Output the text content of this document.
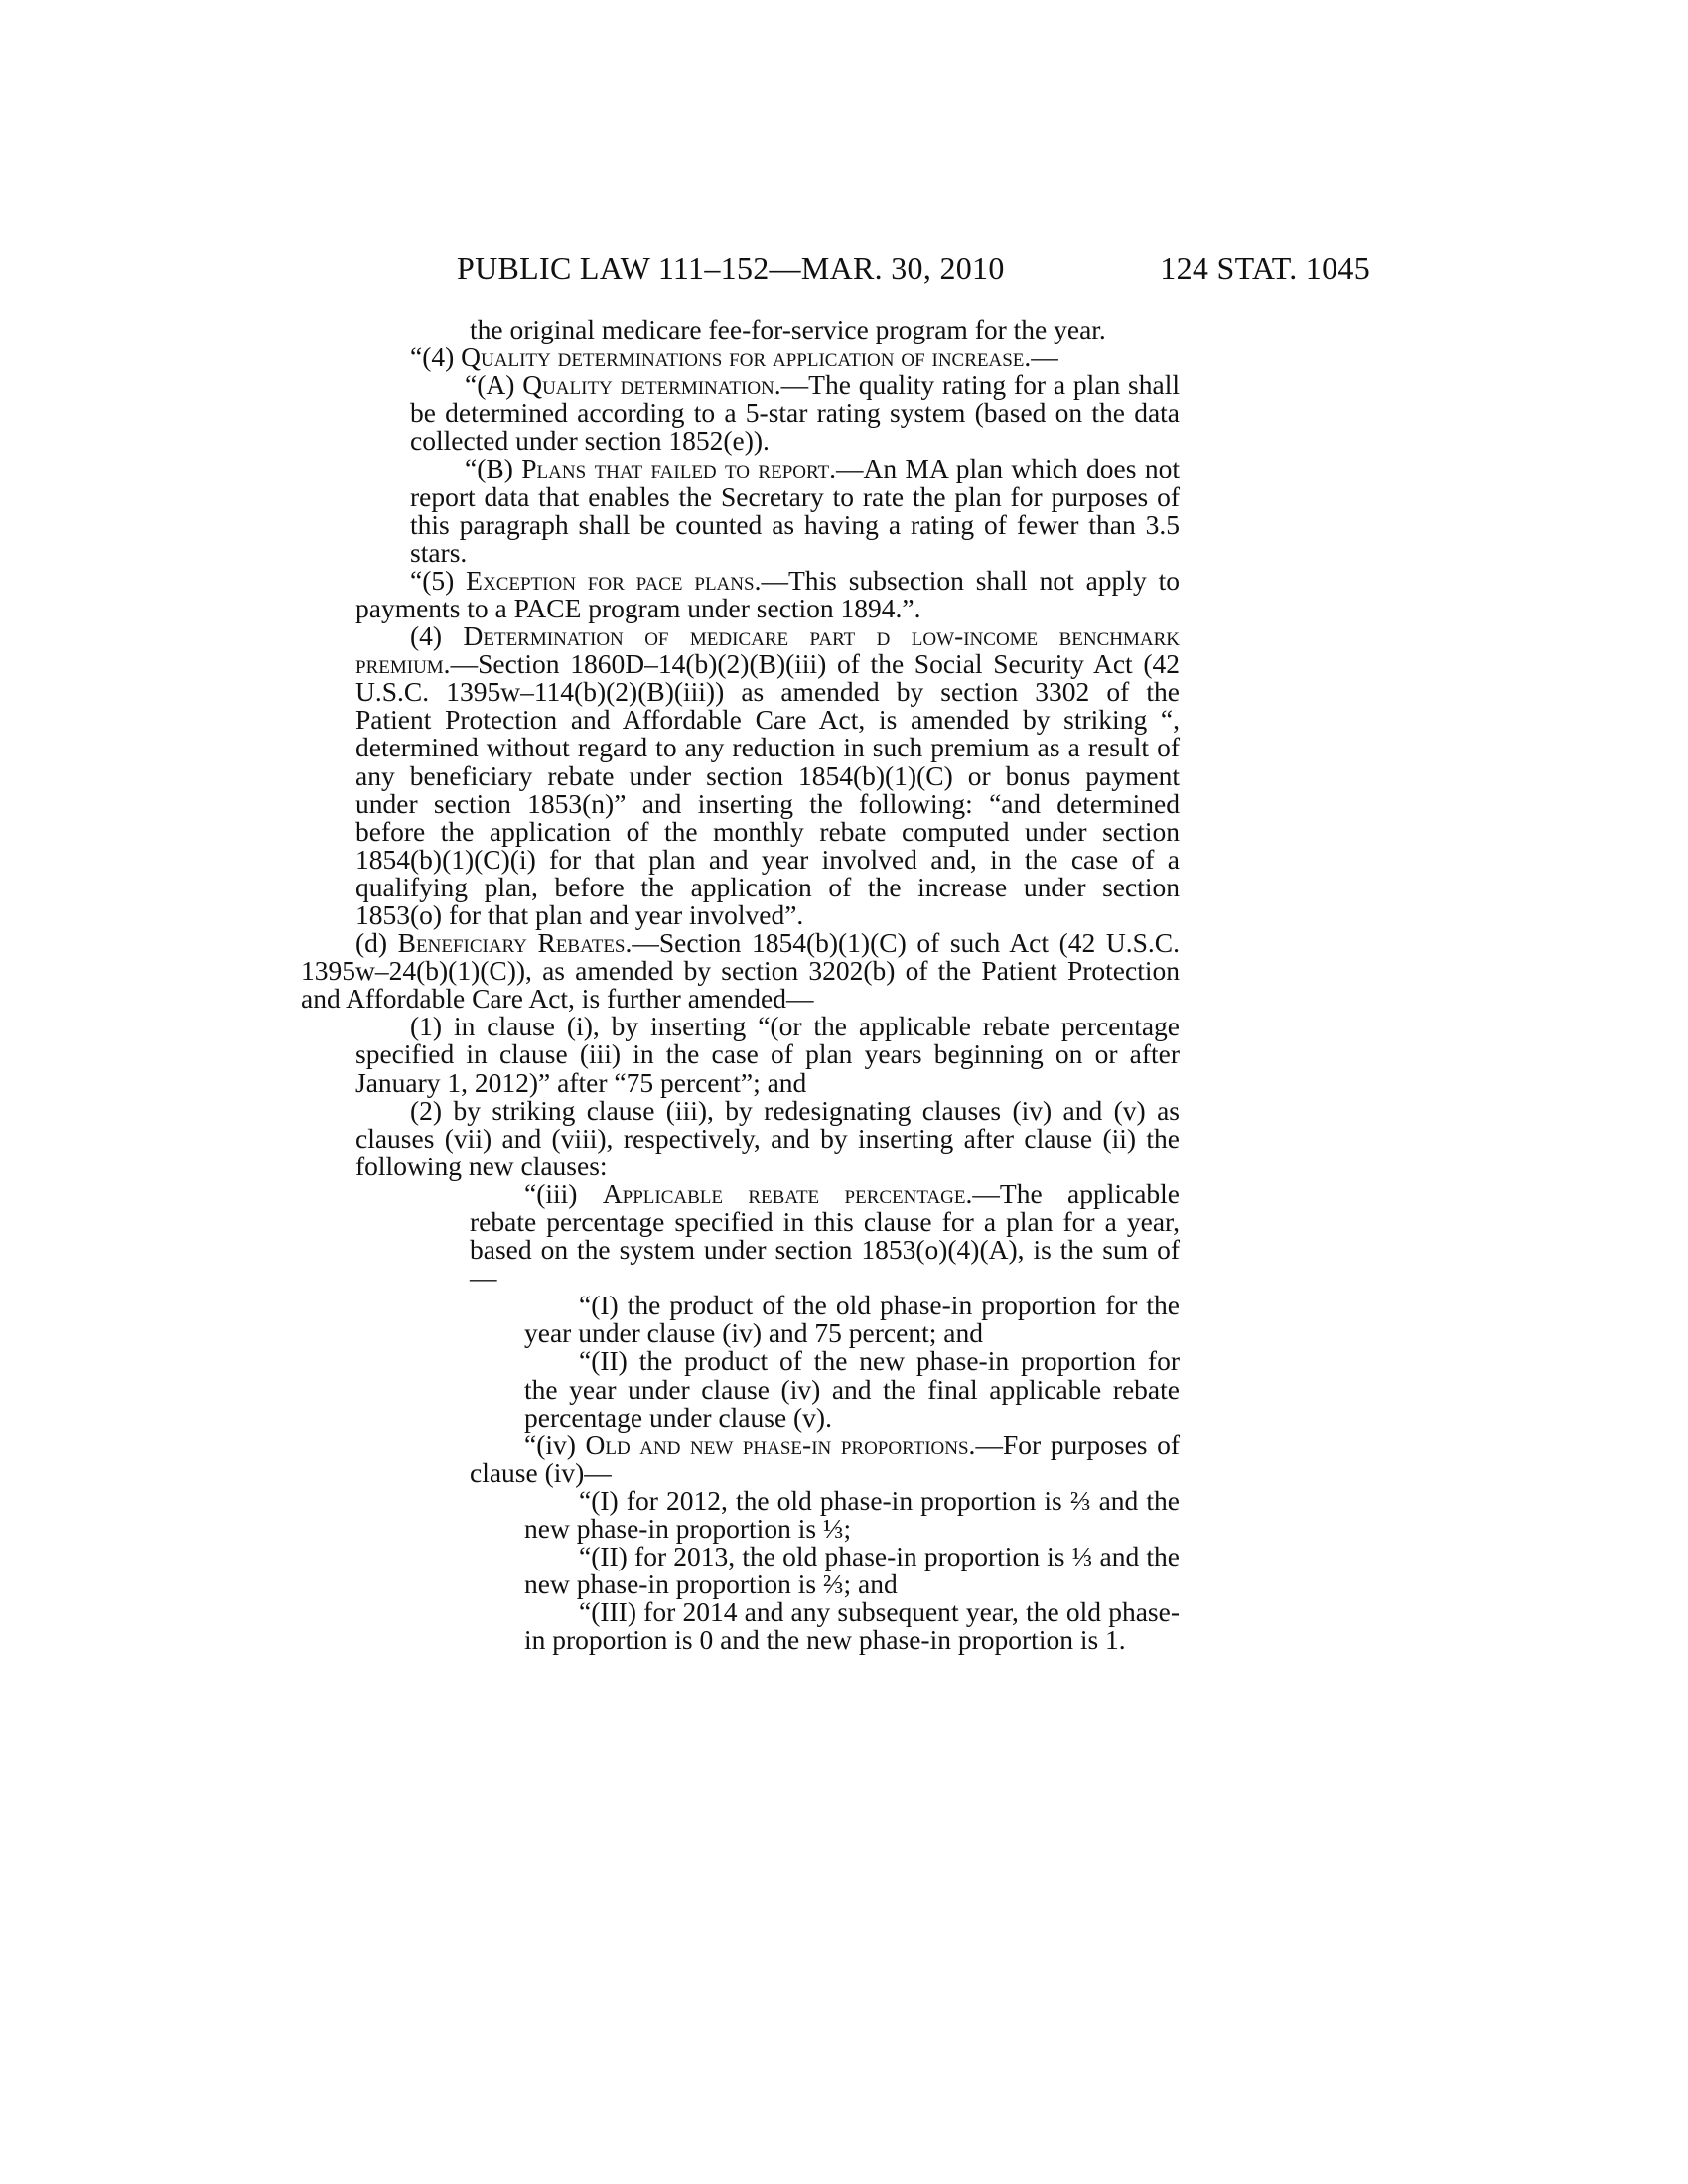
PUBLIC LAW 111–152—MAR. 30, 2010	124 STAT. 1045

the original medicare fee-for-service program for the year.

“(4) Quality determinations for application of increase.—

“(A) Quality determination.—The quality rating for a plan shall be determined according to a 5-star rating system (based on the data collected under section 1852(e)).

“(B) Plans that failed to report.—An MA plan which does not report data that enables the Secretary to rate the plan for purposes of this paragraph shall be counted as having a rating of fewer than 3.5 stars.

“(5) Exception for pace plans.—This subsection shall not apply to payments to a PACE program under section 1894.”.

(4) Determination of medicare part d low-income benchmark premium.—Section 1860D–14(b)(2)(B)(iii) of the Social Security Act (42 U.S.C. 1395w–114(b)(2)(B)(iii)) as amended by section 3302 of the Patient Protection and Affordable Care Act, is amended by striking “, determined without regard to any reduction in such premium as a result of any beneficiary rebate under section 1854(b)(1)(C) or bonus payment under section 1853(n)” and inserting the following: “and determined before the application of the monthly rebate computed under section 1854(b)(1)(C)(i) for that plan and year involved and, in the case of a qualifying plan, before the application of the increase under section 1853(o) for that plan and year involved”.

(d) Beneficiary Rebates.—Section 1854(b)(1)(C) of such Act (42 U.S.C. 1395w–24(b)(1)(C)), as amended by section 3202(b) of the Patient Protection and Affordable Care Act, is further amended—

(1) in clause (i), by inserting “(or the applicable rebate percentage specified in clause (iii) in the case of plan years beginning on or after January 1, 2012)” after “75 percent”; and

(2) by striking clause (iii), by redesignating clauses (iv) and (v) as clauses (vii) and (viii), respectively, and by inserting after clause (ii) the following new clauses:

“(iii) Applicable rebate percentage.—The applicable rebate percentage specified in this clause for a plan for a year, based on the system under section 1853(o)(4)(A), is the sum of—

“(I) the product of the old phase-in proportion for the year under clause (iv) and 75 percent; and

“(II) the product of the new phase-in proportion for the year under clause (iv) and the final applicable rebate percentage under clause (v).

“(iv) Old and new phase-in proportions.—For purposes of clause (iv)—

“(I) for 2012, the old phase-in proportion is ⅔ and the new phase-in proportion is ⅓;

“(II) for 2013, the old phase-in proportion is ⅓ and the new phase-in proportion is ⅔; and

“(III) for 2014 and any subsequent year, the old phase-in proportion is 0 and the new phase-in proportion is 1.
